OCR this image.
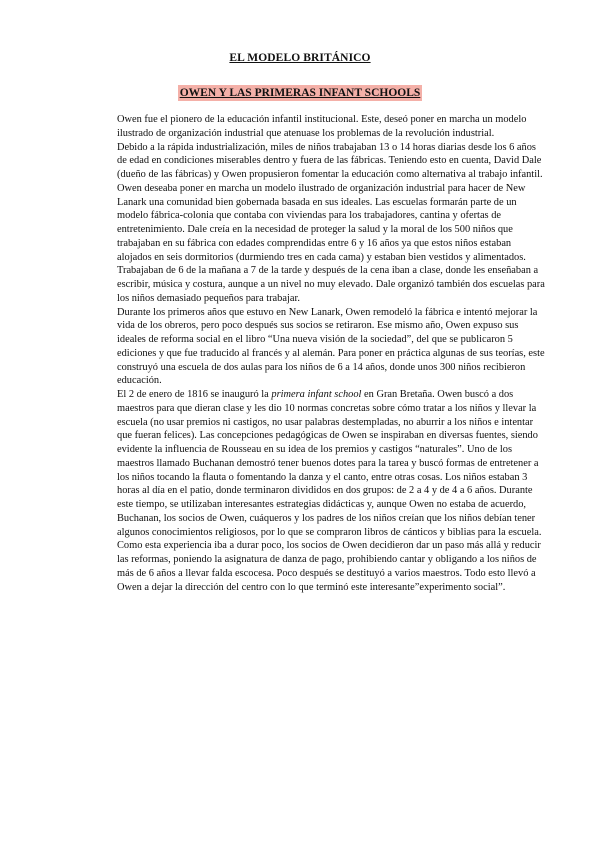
EL MODELO BRITÁNICO
OWEN Y LAS PRIMERAS INFANT SCHOOLS

Owen fue el pionero de la educación infantil institucional. Este, deseó poner en marcha un modelo ilustrado de organización industrial que atenuase los problemas de la revolución industrial.

Debido a la rápida industrialización, miles de niños trabajaban 13 o 14 horas diarias desde los 6 años de edad en condiciones miserables dentro y fuera de las fábricas. Teniendo esto en cuenta, David Dale (dueño de las fábricas) y Owen propusieron fomentar la educación como alternativa al trabajo infantil. Owen deseaba poner en marcha un modelo ilustrado de organización industrial para hacer de New Lanark una comunidad bien gobernada basada en sus ideales. Las escuelas formarán parte de un modelo fábrica-colonia que contaba con viviendas para los trabajadores, cantina y ofertas de entretenimiento. Dale creía en la necesidad de proteger la salud y la moral de los 500 niños que trabajaban en su fábrica con edades comprendidas entre 6 y 16 años ya que estos niños estaban alojados en seis dormitorios (durmiendo tres en cada cama) y estaban bien vestidos y alimentados. Trabajaban de 6 de la mañana a 7 de la tarde y después de la cena iban a clase, donde les enseñaban a escribir, música y costura, aunque a un nivel no muy elevado. Dale organizó también dos escuelas para los niños demasiado pequeños para trabajar.

Durante los primeros años que estuvo en New Lanark, Owen remodeló la fábrica e intentó mejorar la vida de los obreros, pero poco después sus socios se retiraron. Ese mismo año, Owen expuso sus ideales de reforma social en el libro “Una nueva visión de la sociedad”, del que se publicaron 5 ediciones y que fue traducido al francés y al alemán. Para poner en práctica algunas de sus teorías, este construyó una escuela de dos aulas para los niños de 6 a 14 años, donde unos 300 niños recibieron educación.

El 2 de enero de 1816 se inauguró la primera infant school en Gran Bretaña. Owen buscó a dos maestros para que dieran clase y les dio 10 normas concretas sobre cómo tratar a los niños y llevar la escuela (no usar premios ni castigos, no usar palabras destempladas, no aburrir a los niños e intentar que fueran felices). Las concepciones pedagógicas de Owen se inspiraban en diversas fuentes, siendo evidente la influencia de Rousseau en su idea de los premios y castigos “naturales”. Uno de los maestros llamado Buchanan demostró tener buenos dotes para la tarea y buscó formas de entretener a los niños tocando la flauta o fomentando la danza y el canto, entre otras cosas. Los niños estaban 3 horas al día en el patio, donde terminaron divididos en dos grupos: de 2 a 4 y de 4 a 6 años. Durante este tiempo, se utilizaban interesantes estrategias didácticas y, aunque Owen no estaba de acuerdo, Buchanan, los socios de Owen, cuáqueros y los padres de los niños creían que los niños debían tener algunos conocimientos religiosos, por lo que se compraron libros de cánticos y biblias para la escuela.

Como esta experiencia iba a durar poco, los socios de Owen decidieron dar un paso más allá y reducir las reformas, poniendo la asignatura de danza de pago, prohibiendo cantar y obligando a los niños de más de 6 años a llevar falda escocesa. Poco después se destituyó a varios maestros. Todo esto llevó a Owen a dejar la dirección del centro con lo que terminó este interesante”experimento social”.
